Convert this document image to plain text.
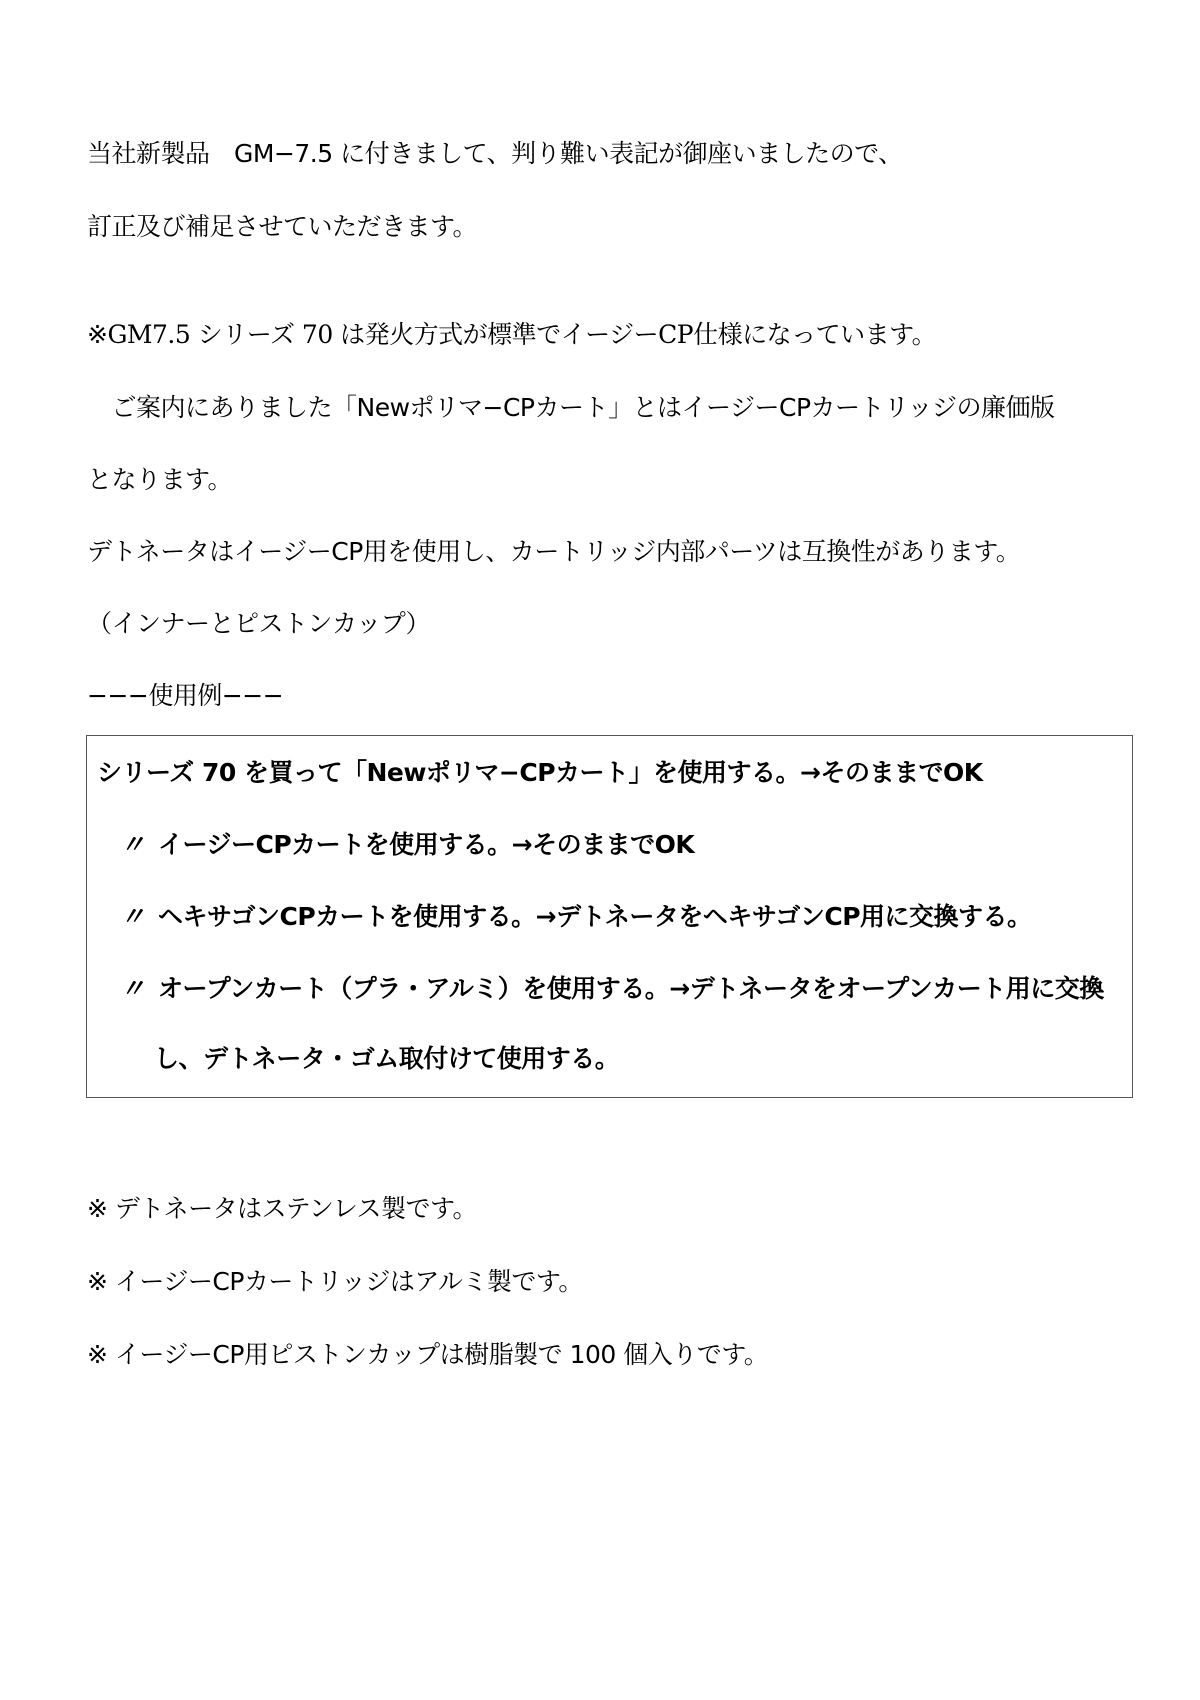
当社新製品　GM−7.5 に付きまして、判り難い表記が御座いましたので、

訂正及び補足させていただきます。

※GM7.5 シリーズ 70 は発火方式が標準でイージーCP仕様になっています。

　ご案内にありました「Newポリマ−CPカート」とはイージーCPカートリッジの廉価版

となります。

デトネータはイージーCP用を使用し、カートリッジ内部パーツは互換性があります。

（インナーとピストンカップ）

−−−使用例−−−

シリーズ 70 を買って「Newポリマ−CPカート」を使用する。→そのままでOK

〃 イージーCPカートを使用する。→そのままでOK

〃 ヘキサゴンCPカートを使用する。→デトネータをヘキサゴンCP用に交換する。

〃 オープンカート（プラ・アルミ）を使用する。→デトネータをオープンカート用に交換

し、デトネータ・ゴム取付けて使用する。

※ デトネータはステンレス製です。

※ イージーCPカートリッジはアルミ製です。

※ イージーCP用ピストンカップは樹脂製で 100 個入りです。
